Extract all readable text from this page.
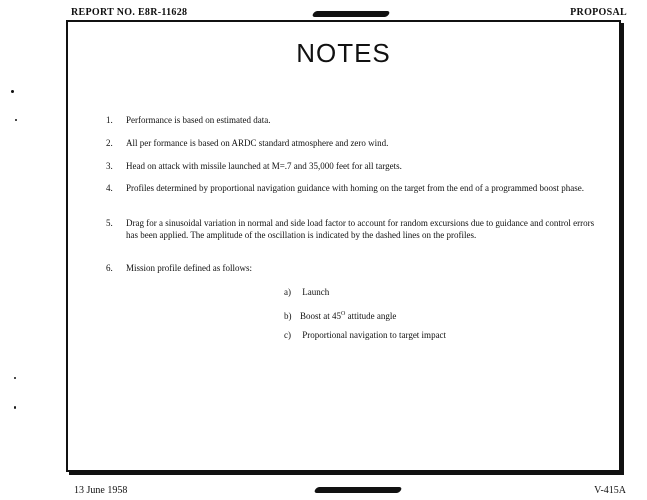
REPORT NO. E8R-11628	PROPOSAL
NOTES
1.	Performance is based on estimated data.
2.	All per formance is based on ARDC standard atmosphere and zero wind.
3.	Head on attack with missile launched at M=.7 and 35,000 feet for all targets.
4.	Profiles determined by proportional navigation guidance with homing on the target from the end of a programmed boost phase.
5.	Drag for a sinusoidal variation in normal and side load factor to account for random excursions due to guidance and control errors has been applied. The amplitude of the oscillation is indicated by the dashed lines on the profiles.
6.	Mission profile defined as follows:
a) Launch
b) Boost at $45^O$ attitude angle
c) Proportional navigation to target impact
13 June 1958	V-415A
